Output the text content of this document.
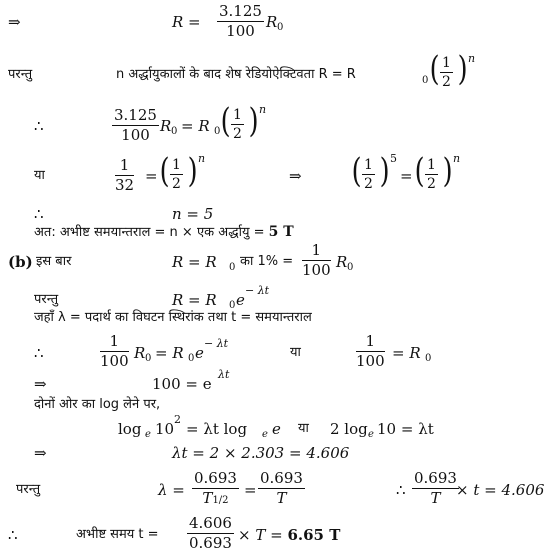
⇒	$R = \frac{3.125}{100}$ R 0
परन्तु	n अर्द्धायुकालों के बाद शेष रेडियोऐक्टिवता R = R	0 ( $\frac{1}{2}$ ) n
∴	$\frac{3.125}{100}$ R 0 = R 0 ( $\frac{1}{2}$ ) n
या	$\frac{1}{32}$ = ( $\frac{1}{2}$ ) n
⇒ ( $\frac{1}{2}$ ) 5
= ( $\frac{1}{2}$ ) n
∴	n = 5
अत: अभीष्ट समयान्तराल = n × एक अर्द्धायु = 5 T
(b) इस बार	R = R 0 का $1\% = \frac{1}{100}$ R 0
परन्तु	R = R 0 e
− λt
जहाँ λ = पदार्थ का विघटन स्थिरांक तथा t = समयान्तराल
∴	$\frac{1}{100}$ R 0 = R 0 e
− λt
या	$\frac{1}{100} = R$ 0
⇒	100 = e
λt
दोनों ओर का log लेने पर,
log e 10
2
= λt log e e या 2 log e 10 = λt
⇒	λt = 2 × 2.303 = 4.606
परन्तु	$\lambda = \frac{0.693}{T1/2} = \frac{0.693}{T}$	∴ $\frac{0.693}{T}$
× t = 4.606
∴	अभीष्ट समय $t = \frac{4.606}{0.693} \times T = 6.65$ T
